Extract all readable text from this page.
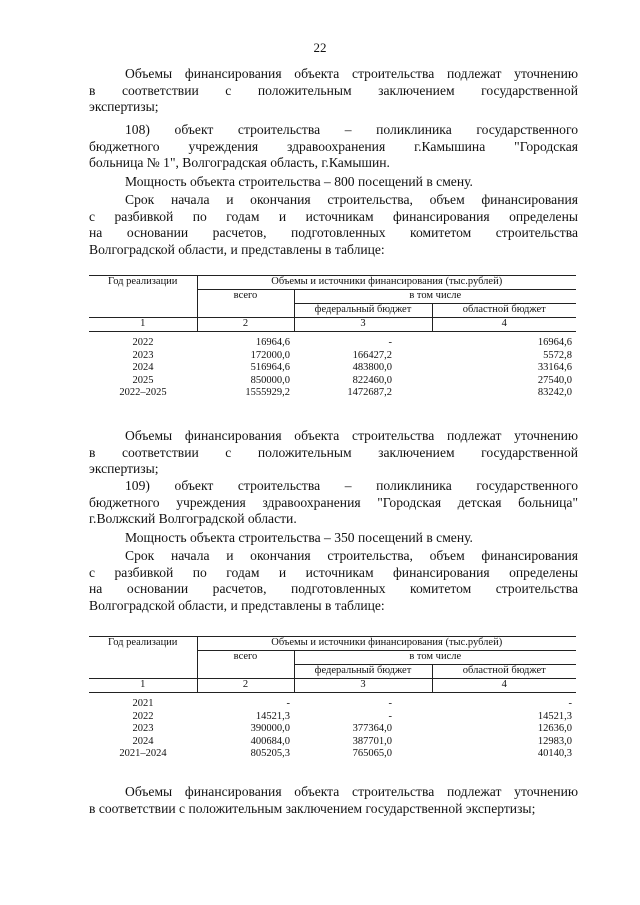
22
Объемы финансирования объекта строительства подлежат уточнению
в соответствии с положительным заключением государственной
экспертизы;
108) объект строительства – поликлиника государственного
бюджетного учреждения здравоохранения г.Камышина "Городская
больница № 1", Волгоградская область, г.Камышин.
Мощность объекта строительства – 800 посещений в смену.
Срок начала и окончания строительства, объем финансирования
с разбивкой по годам и источникам финансирования определены
на основании расчетов, подготовленных комитетом строительства
Волгоградской области, и представлены в таблице:
Год реализации	Объемы и источники финансирования (тыс.рублей)		
	всего	в том числе	
		федеральный бюджет	областной бюджет
1	2	3	4

2022	16964,6	-	16964,6
2023	172000,0	166427,2	5572,8
2024	516964,6	483800,0	33164,6
2025	850000,0	822460,0	27540,0
2022–2025	1555929,2	1472687,2	83242,0
Объемы финансирования объекта строительства подлежат уточнению
в соответствии с положительным заключением государственной
экспертизы;
109) объект строительства – поликлиника государственного
бюджетного учреждения здравоохранения "Городская детская больница"
г.Волжский Волгоградской области.
Мощность объекта строительства – 350 посещений в смену.
Срок начала и окончания строительства, объем финансирования
с разбивкой по годам и источникам финансирования определены
на основании расчетов, подготовленных комитетом строительства
Волгоградской области, и представлены в таблице:
Год реализации	Объемы и источники финансирования (тыс.рублей)		
	всего	в том числе	
		федеральный бюджет	областной бюджет
1	2	3	4

2021	-	-	-
2022	14521,3	-	14521,3
2023	390000,0	377364,0	12636,0
2024	400684,0	387701,0	12983,0
2021–2024	805205,3	765065,0	40140,3
Объемы финансирования объекта строительства подлежат уточнению
в соответствии с положительным заключением государственной экспертизы;
